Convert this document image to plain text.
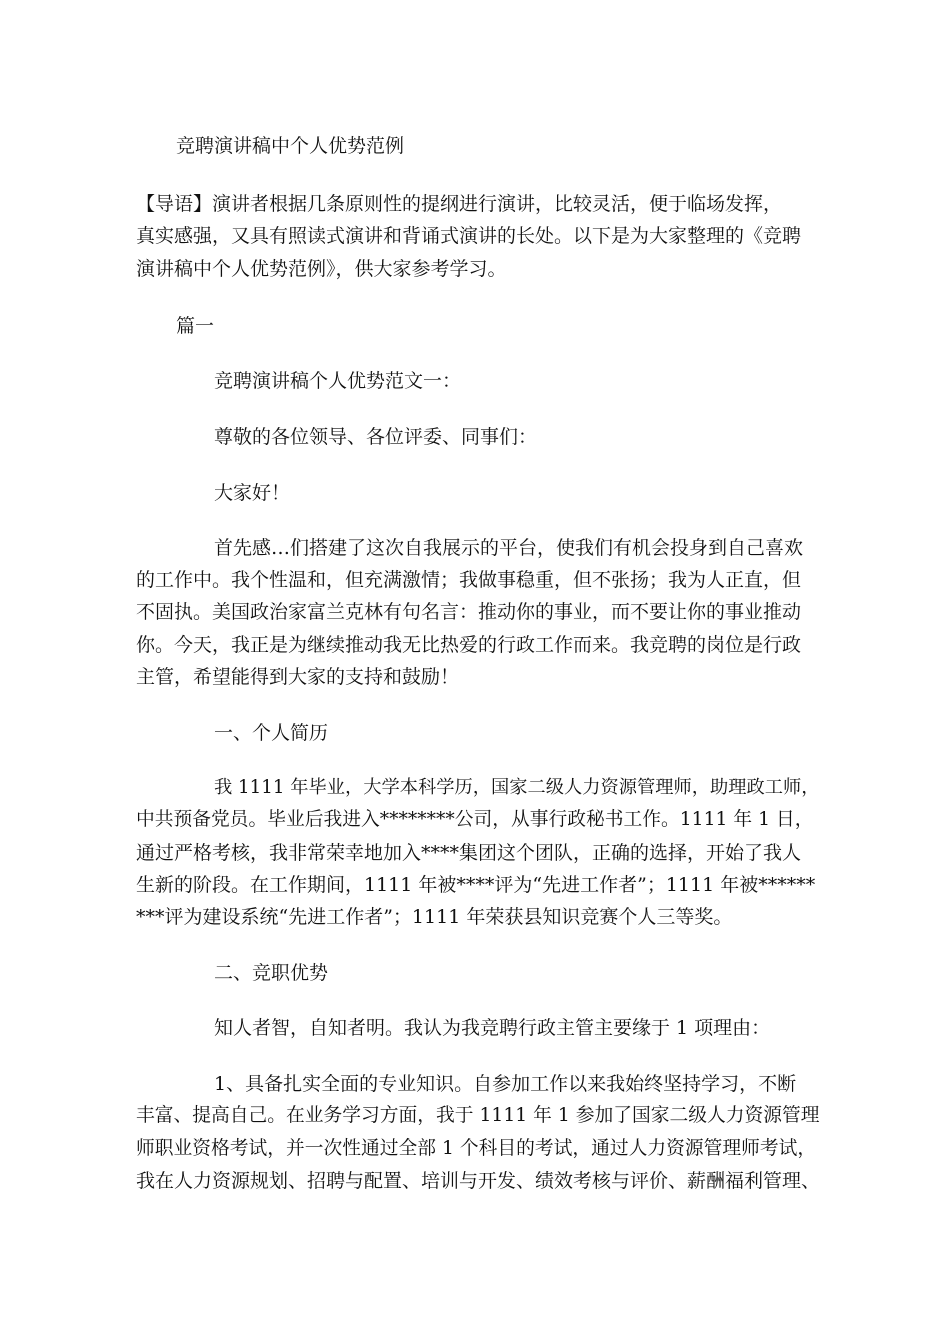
竞聘演讲稿中个人优势范例
【导语】演讲者根据几条原则性的提纲进行演讲，比较灵活，便于临场发挥，
真实感强，又具有照读式演讲和背诵式演讲的长处。以下是为大家整理的《竞聘
演讲稿中个人优势范例》，供大家参考学习。
篇一
竞聘演讲稿个人优势范文一：
尊敬的各位领导、各位评委、同事们：
大家好！
首先感…们搭建了这次自我展示的平台，使我们有机会投身到自己喜欢
的工作中。我个性温和，但充满激情；我做事稳重，但不张扬；我为人正直，但
不固执。美国政治家富兰克林有句名言：推动你的事业，而不要让你的事业推动
你。今天，我正是为继续推动我无比热爱的行政工作而来。我竞聘的岗位是行政
主管，希望能得到大家的支持和鼓励！
一、个人简历
我 1111 年毕业，大学本科学历，国家二级人力资源管理师，助理政工师，
中共预备党员。毕业后我进入********公司，从事行政秘书工作。1111 年 1 日，
通过严格考核，我非常荣幸地加入****集团这个团队，正确的选择，开始了我人
生新的阶段。在工作期间，1111 年被****评为“先进工作者”；1111 年被******
***评为建设系统“先进工作者”；1111 年荣获县知识竞赛个人三等奖。
二、竞职优势
知人者智，自知者明。我认为我竞聘行政主管主要缘于 1 项理由：
1、具备扎实全面的专业知识。自参加工作以来我始终坚持学习，不断
丰富、提高自己。在业务学习方面，我于 1111 年 1 参加了国家二级人力资源管理
师职业资格考试，并一次性通过全部 1 个科目的考试，通过人力资源管理师考试，
我在人力资源规划、招聘与配置、培训与开发、绩效考核与评价、薪酬福利管理、
